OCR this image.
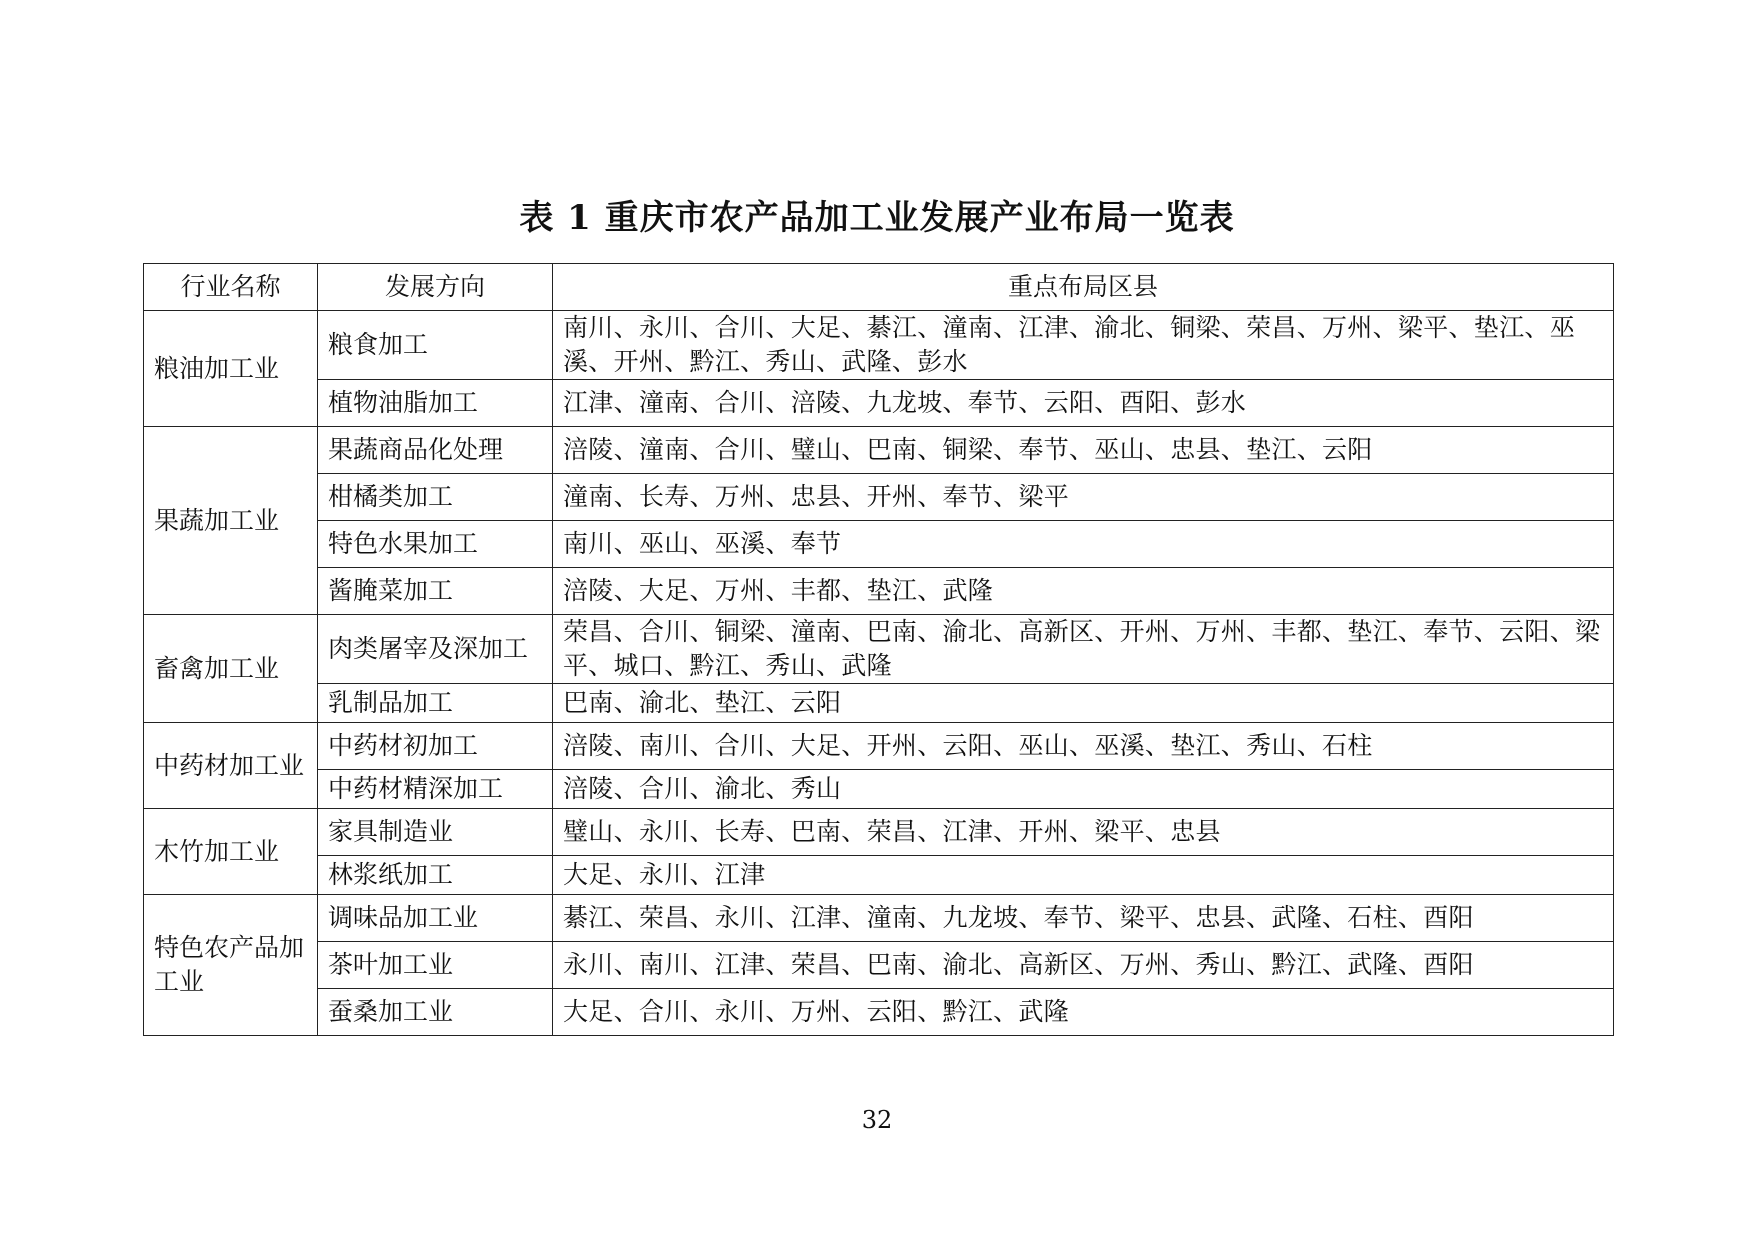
表 1 重庆市农产品加工业发展产业布局一览表
行业名称	发展方向	重点布局区县
粮油加工业	粮食加工	南川、永川、合川、大足、綦江、潼南、江津、渝北、铜梁、荣昌、万州、梁平、垫江、巫溪、开州、黔江、秀山、武隆、彭水
	植物油脂加工	江津、潼南、合川、涪陵、九龙坡、奉节、云阳、酉阳、彭水
果蔬加工业	果蔬商品化处理	涪陵、潼南、合川、璧山、巴南、铜梁、奉节、巫山、忠县、垫江、云阳
	柑橘类加工	潼南、长寿、万州、忠县、开州、奉节、梁平
	特色水果加工	南川、巫山、巫溪、奉节
	酱腌菜加工	涪陵、大足、万州、丰都、垫江、武隆
畜禽加工业	肉类屠宰及深加工	荣昌、合川、铜梁、潼南、巴南、渝北、高新区、开州、万州、丰都、垫江、奉节、云阳、梁平、城口、黔江、秀山、武隆
	乳制品加工	巴南、渝北、垫江、云阳
中药材加工业	中药材初加工	涪陵、南川、合川、大足、开州、云阳、巫山、巫溪、垫江、秀山、石柱
	中药材精深加工	涪陵、合川、渝北、秀山
木竹加工业	家具制造业	璧山、永川、长寿、巴南、荣昌、江津、开州、梁平、忠县
	林浆纸加工	大足、永川、江津
特色农产品加工业	调味品加工业	綦江、荣昌、永川、江津、潼南、九龙坡、奉节、梁平、忠县、武隆、石柱、酉阳
	茶叶加工业	永川、南川、江津、荣昌、巴南、渝北、高新区、万州、秀山、黔江、武隆、酉阳
	蚕桑加工业	大足、合川、永川、万州、云阳、黔江、武隆
32
